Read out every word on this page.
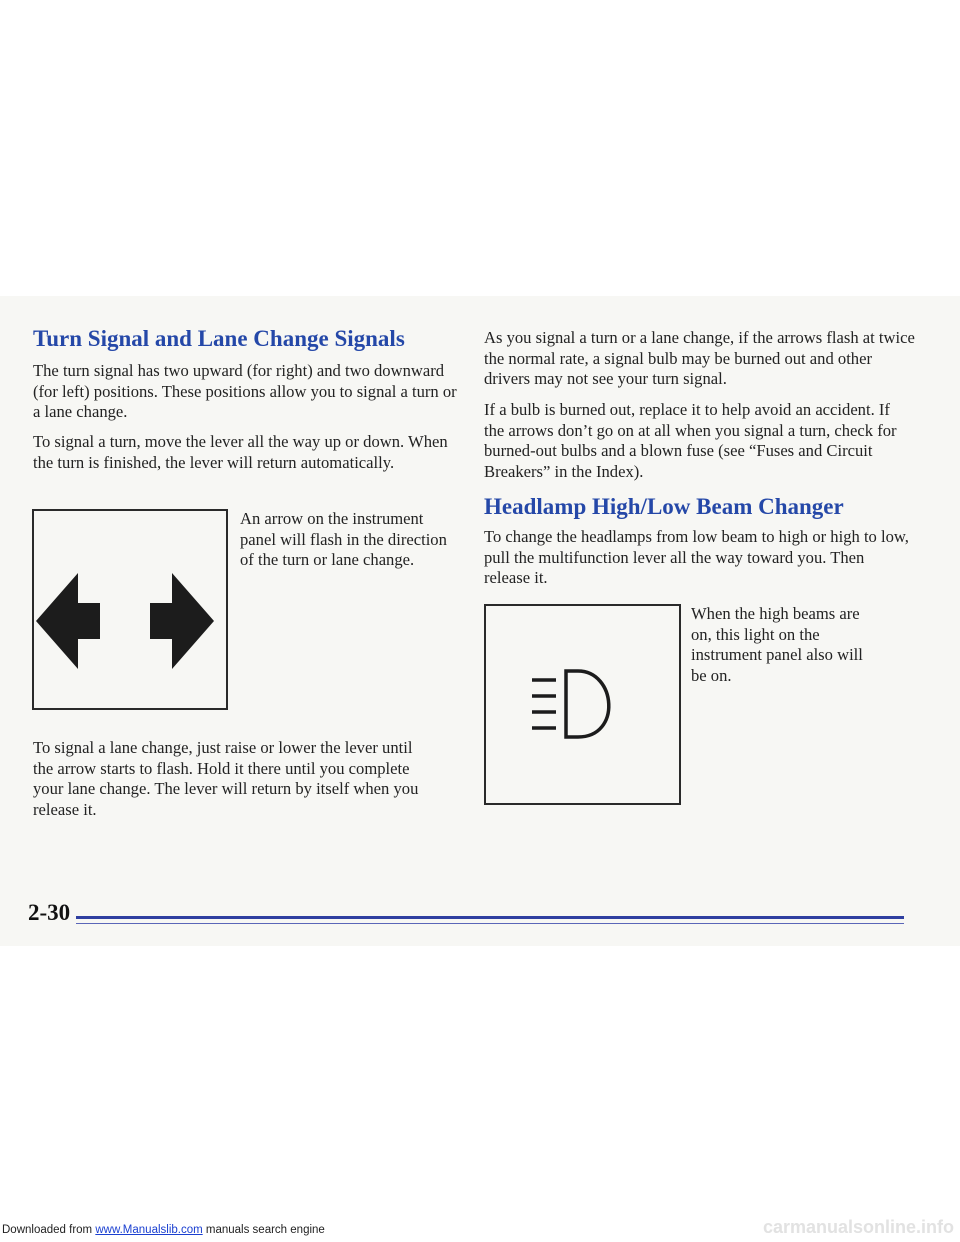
Turn Signal and Lane Change Signals

The turn signal has two upward (for right) and two downward (for left) positions. These positions allow you to signal a turn or a lane change.

To signal a turn, move the lever all the way up or down. When the turn is finished, the lever will return automatically.

An arrow on the instrument panel will flash in the direction of the turn or lane change.

To signal a lane change, just raise or lower the lever until the arrow starts to flash. Hold it there until you complete your lane change. The lever will return by itself when you release it.

As you signal a turn or a lane change, if the arrows flash at twice the normal rate, a signal bulb may be burned out and other drivers may not see your turn signal.

If a bulb is burned out, replace it to help avoid an accident. If the arrows don’t go on at all when you signal a turn, check for burned-out bulbs and a blown fuse (see “Fuses and Circuit Breakers” in the Index).

Headlamp High/Low Beam Changer

To change the headlamps from low beam to high or high to low, pull the multifunction lever all the way toward you. Then release it.

When the high beams are on, this light on the instrument panel also will be on.

2-30
Downloaded from www.Manualslib.com manuals search engine	carmanualsonline.info
